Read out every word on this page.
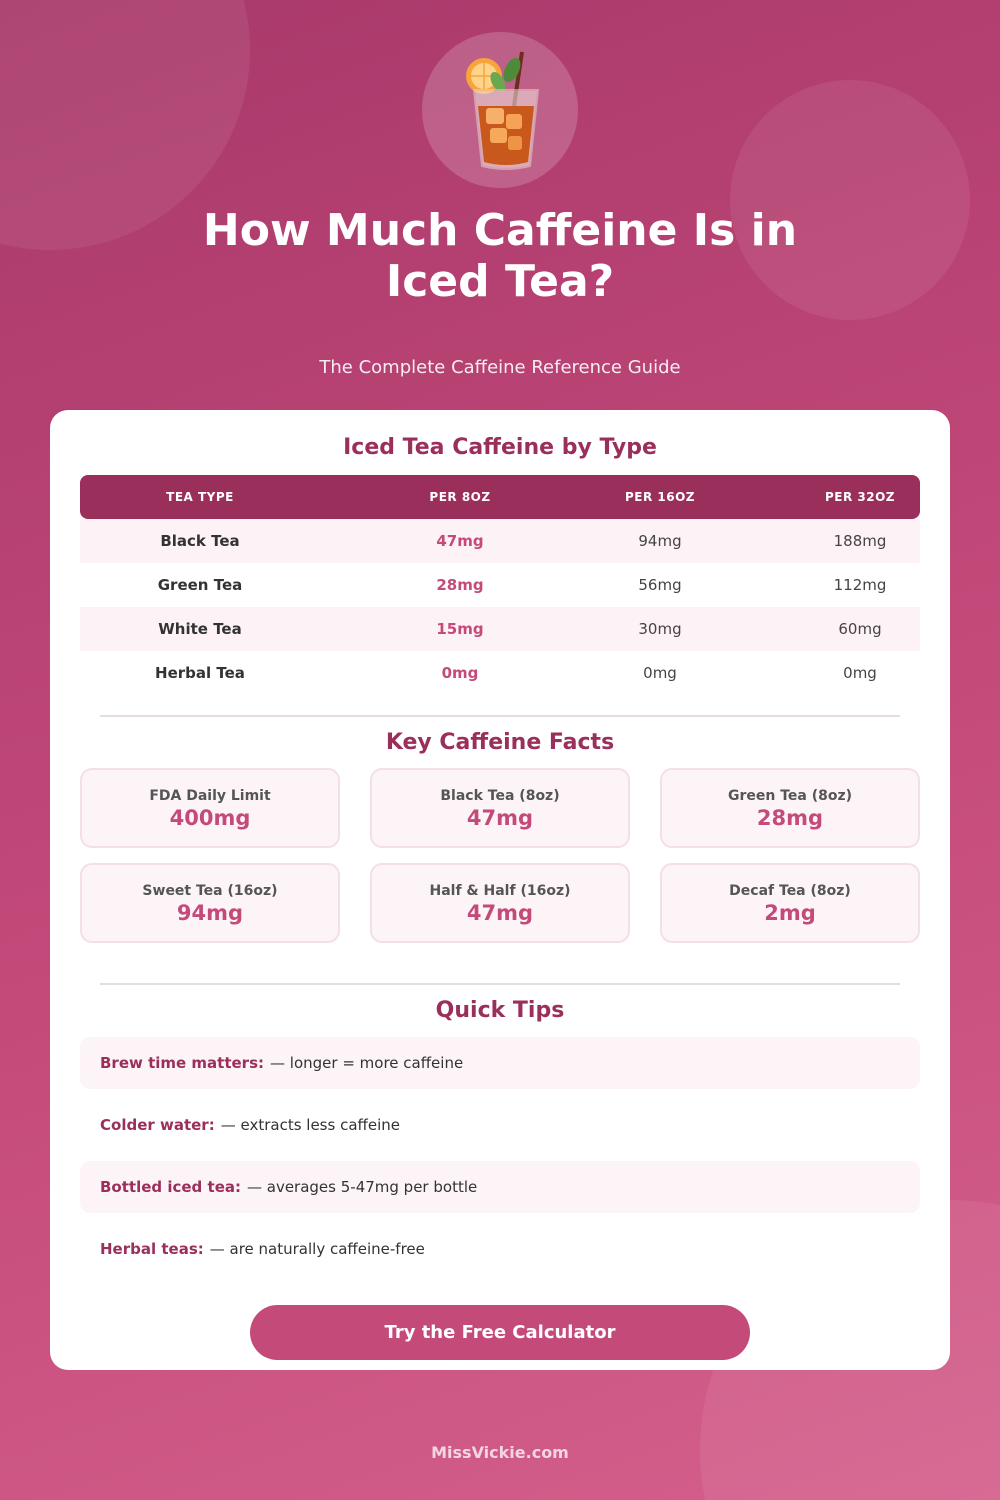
How Much Caffeine Is in Iced Tea?
The Complete Caffeine Reference Guide
Iced Tea Caffeine by Type
TEA TYPE	PER 8OZ	PER 16OZ	PER 32OZ
Black Tea	47mg	94mg	188mg
Green Tea	28mg	56mg	112mg
White Tea	15mg	30mg	60mg
Herbal Tea	0mg	0mg	0mg
Key Caffeine Facts
FDA Daily Limit
400mg
Black Tea (8oz)
47mg
Green Tea (8oz)
28mg
Sweet Tea (16oz)
94mg
Half & Half (16oz)
47mg
Decaf Tea (8oz)
2mg
Quick Tips
Brew time matters: — longer = more caffeine
Colder water: — extracts less caffeine
Bottled iced tea: — averages 5-47mg per bottle
Herbal teas: — are naturally caffeine-free
Try the Free Calculator
MissVickie.com
